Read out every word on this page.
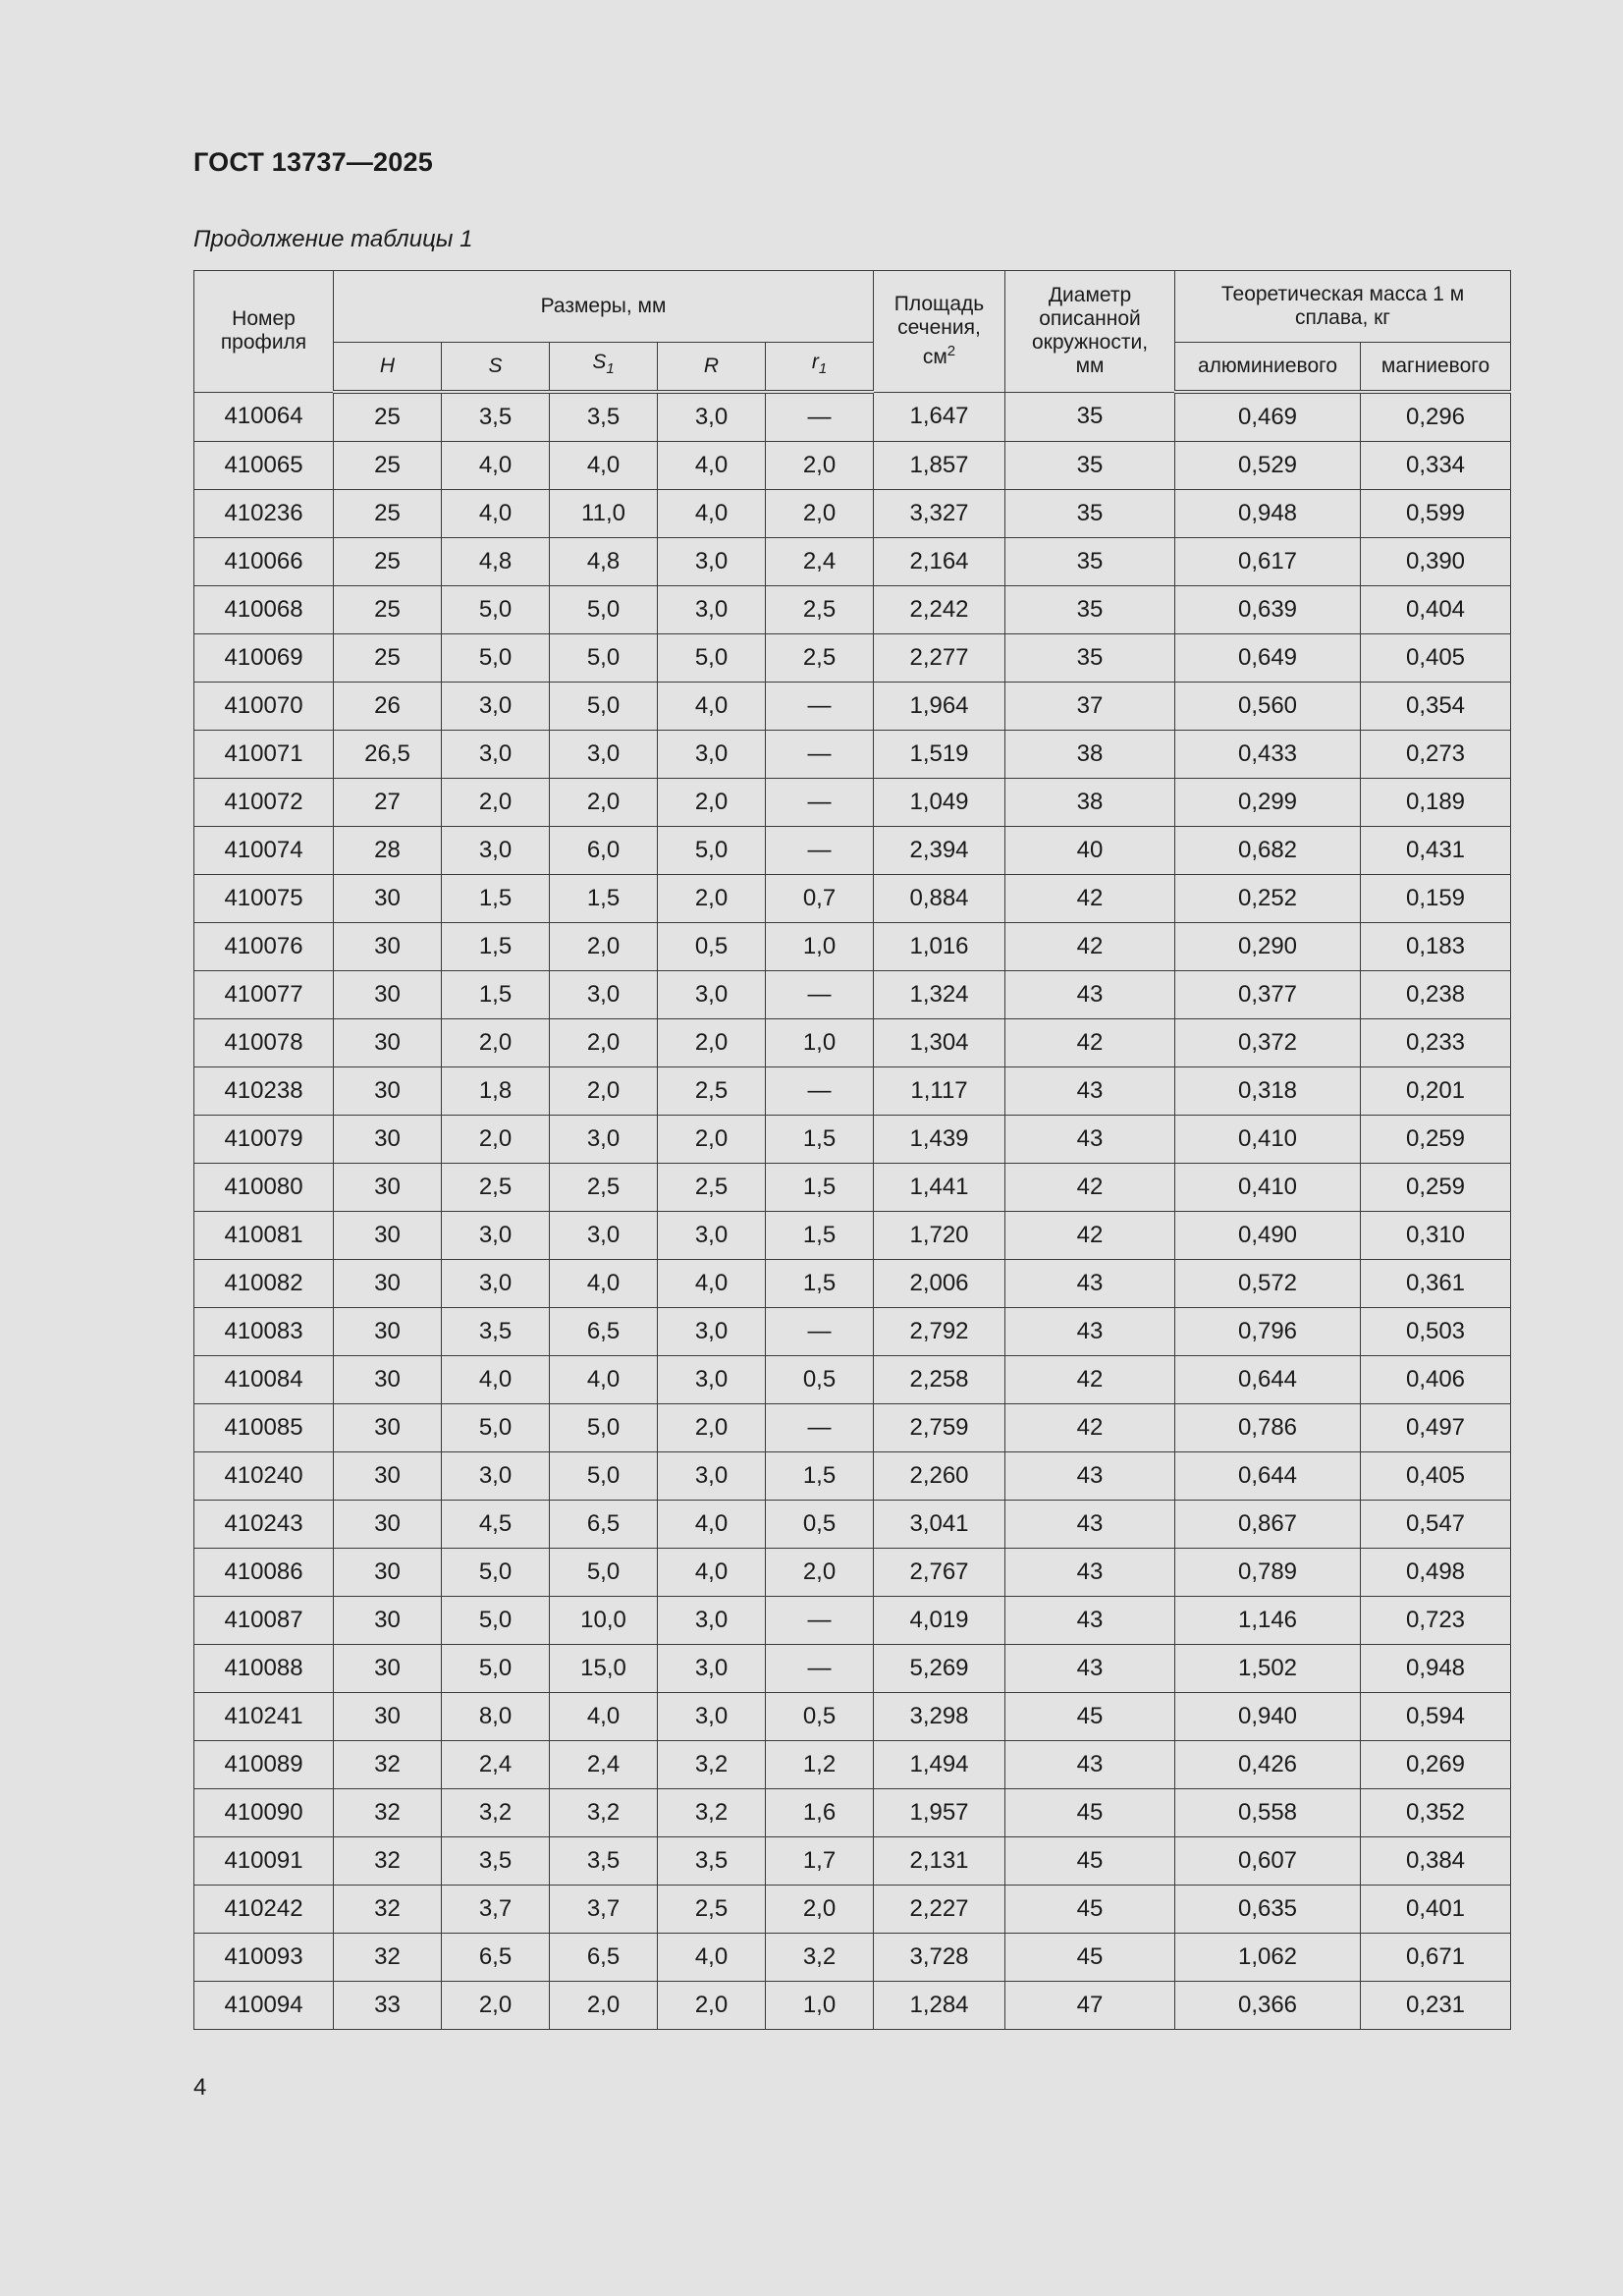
ГОСТ 13737—2025
Продолжение таблицы 1
Номер
профиля	Размеры, мм					Площадь
сечения,
$см^2$	Диаметр
описанной
окружности,
мм	Теоретическая масса 1 м
сплава, кг	
	H	S	$S_1$	R	$r_1$			алюминиевого	магниевого
410064	25	3,5	3,5	3,0	—	1,647	35	0,469	0,296
410065	25	4,0	4,0	4,0	2,0	1,857	35	0,529	0,334
410236	25	4,0	11,0	4,0	2,0	3,327	35	0,948	0,599
410066	25	4,8	4,8	3,0	2,4	2,164	35	0,617	0,390
410068	25	5,0	5,0	3,0	2,5	2,242	35	0,639	0,404
410069	25	5,0	5,0	5,0	2,5	2,277	35	0,649	0,405
410070	26	3,0	5,0	4,0	—	1,964	37	0,560	0,354
410071	26,5	3,0	3,0	3,0	—	1,519	38	0,433	0,273
410072	27	2,0	2,0	2,0	—	1,049	38	0,299	0,189
410074	28	3,0	6,0	5,0	—	2,394	40	0,682	0,431
410075	30	1,5	1,5	2,0	0,7	0,884	42	0,252	0,159
410076	30	1,5	2,0	0,5	1,0	1,016	42	0,290	0,183
410077	30	1,5	3,0	3,0	—	1,324	43	0,377	0,238
410078	30	2,0	2,0	2,0	1,0	1,304	42	0,372	0,233
410238	30	1,8	2,0	2,5	—	1,117	43	0,318	0,201
410079	30	2,0	3,0	2,0	1,5	1,439	43	0,410	0,259
410080	30	2,5	2,5	2,5	1,5	1,441	42	0,410	0,259
410081	30	3,0	3,0	3,0	1,5	1,720	42	0,490	0,310
410082	30	3,0	4,0	4,0	1,5	2,006	43	0,572	0,361
410083	30	3,5	6,5	3,0	—	2,792	43	0,796	0,503
410084	30	4,0	4,0	3,0	0,5	2,258	42	0,644	0,406
410085	30	5,0	5,0	2,0	—	2,759	42	0,786	0,497
410240	30	3,0	5,0	3,0	1,5	2,260	43	0,644	0,405
410243	30	4,5	6,5	4,0	0,5	3,041	43	0,867	0,547
410086	30	5,0	5,0	4,0	2,0	2,767	43	0,789	0,498
410087	30	5,0	10,0	3,0	—	4,019	43	1,146	0,723
410088	30	5,0	15,0	3,0	—	5,269	43	1,502	0,948
410241	30	8,0	4,0	3,0	0,5	3,298	45	0,940	0,594
410089	32	2,4	2,4	3,2	1,2	1,494	43	0,426	0,269
410090	32	3,2	3,2	3,2	1,6	1,957	45	0,558	0,352
410091	32	3,5	3,5	3,5	1,7	2,131	45	0,607	0,384
410242	32	3,7	3,7	2,5	2,0	2,227	45	0,635	0,401
410093	32	6,5	6,5	4,0	3,2	3,728	45	1,062	0,671
410094	33	2,0	2,0	2,0	1,0	1,284	47	0,366	0,231
4
